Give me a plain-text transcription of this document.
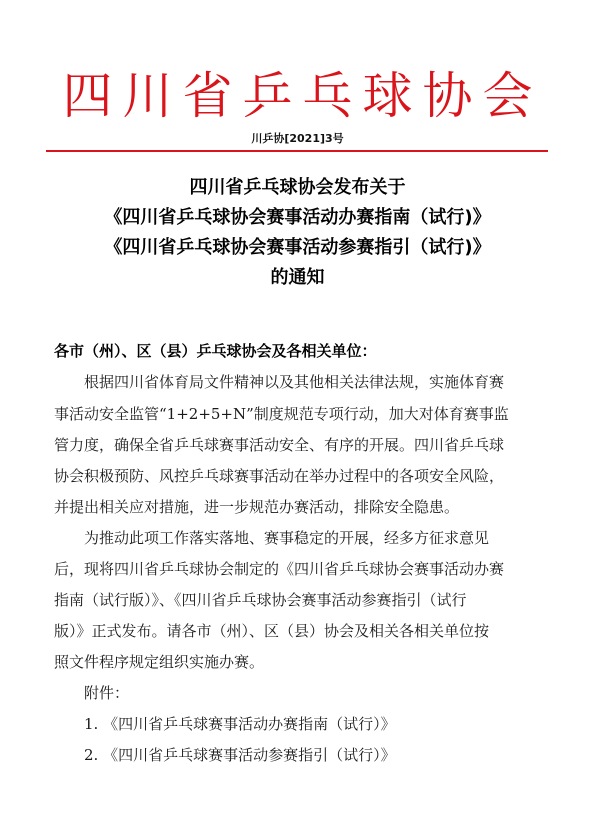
四川省乒乓球协会
川乒协[2021]3号
四川省乒乓球协会发布关于
《四川省乒乓球协会赛事活动办赛指南（试行)》
《四川省乒乓球协会赛事活动参赛指引（试行)》
的通知
各市（州）、区（县）乒乓球协会及各相关单位：
根据四川省体育局文件精神以及其他相关法律法规，实施体育赛
事活动安全监管“1+2+5+N”制度规范专项行动，加大对体育赛事监
管力度，确保全省乒乓球赛事活动安全、有序的开展。四川省乒乓球
协会积极预防、风控乒乓球赛事活动在举办过程中的各项安全风险，
并提出相关应对措施，进一步规范办赛活动，排除安全隐患。
为推动此项工作落实落地、赛事稳定的开展，经多方征求意见
后，现将四川省乒乓球协会制定的《四川省乒乓球协会赛事活动办赛
指南（试行版）》、《四川省乒乓球协会赛事活动参赛指引（试行
版）》正式发布。请各市（州）、区（县）协会及相关各相关单位按
照文件程序规定组织实施办赛。
附件：
1. 《四川省乒乓球赛事活动办赛指南（试行）》
2. 《四川省乒乓球赛事活动参赛指引（试行）》
